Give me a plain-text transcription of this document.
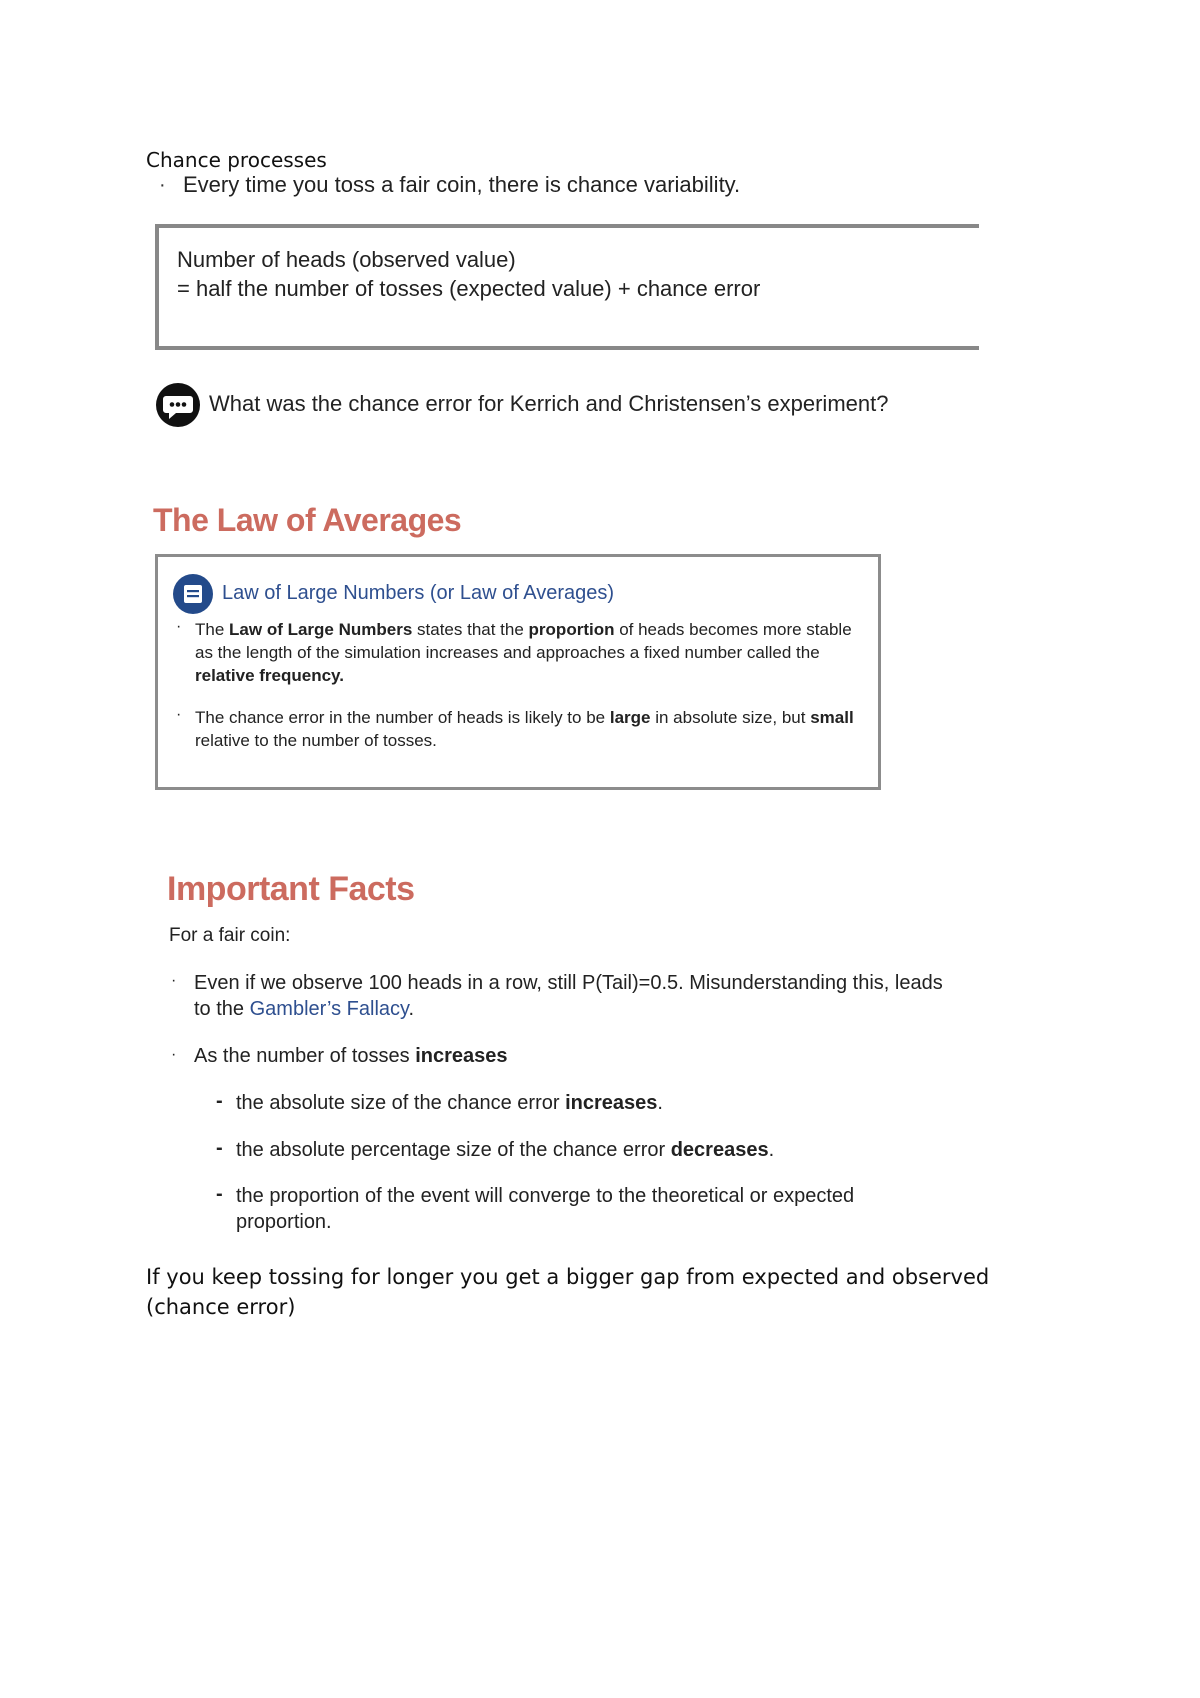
Chance processes
· Every time you toss a fair coin, there is chance variability.
Number of heads (observed value)
= half the number of tosses (expected value) + chance error
What was the chance error for Kerrich and Christensen’s experiment?
The Law of Averages
Law of Large Numbers (or Law of Averages)
· The Law of Large Numbers states that the proportion of heads becomes more stable as the length of the simulation increases and approaches a fixed number called the relative frequency.
· The chance error in the number of heads is likely to be large in absolute size, but small relative to the number of tosses.
Important Facts
For a fair coin:
· Even if we observe 100 heads in a row, still P(Tail)=0.5. Misunderstanding this, leads to the Gambler’s Fallacy.
· As the number of tosses increases
- the absolute size of the chance error increases.
- the absolute percentage size of the chance error decreases.
- the proportion of the event will converge to the theoretical or expected proportion.
If you keep tossing for longer you get a bigger gap from expected and observed (chance error)
